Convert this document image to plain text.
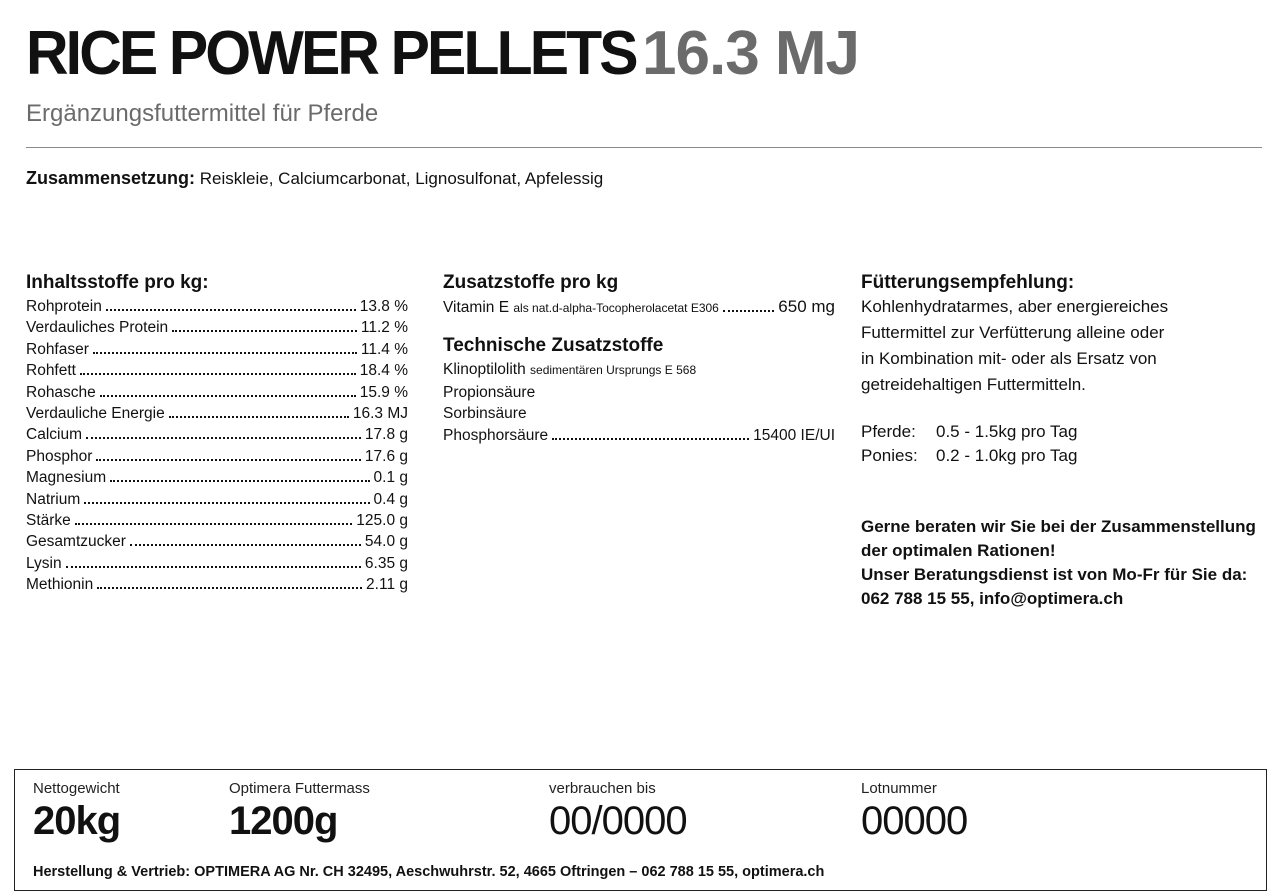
RICE POWER PELLETS 16.3 MJ
Ergänzungsfuttermittel für Pferde
Zusammensetzung: Reiskleie, Calciumcarbonat, Lignosulfonat, Apfelessig
Inhaltsstoffe pro kg:
Rohprotein	13.8 %
Verdauliches Protein	11.2 %
Rohfaser	11.4 %
Rohfett	18.4 %
Rohasche	15.9 %
Verdauliche Energie	16.3 MJ
Calcium	17.8 g
Phosphor	17.6 g
Magnesium	0.1 g
Natrium	0.4 g
Stärke	125.0 g
Gesamtzucker	54.0 g
Lysin	6.35 g
Methionin	2.11 g
Zusatzstoffe pro kg
Vitamin E als nat.d-alpha-Tocopherolacetat E306	650 mg
Technische Zusatzstoffe
Klinoptilolith sedimentären Ursprungs E 568
Propionsäure
Sorbinsäure
Phosphorsäure	15400 IE/UI
Fütterungsempfehlung:
Kohlenhydratarmes, aber energiereiches
Futtermittel zur Verfütterung alleine oder
in Kombination mit- oder als Ersatz von
getreidehaltigen Futtermitteln.
Pferde:	0.5 - 1.5kg pro Tag
Ponies:	0.2 - 1.0kg pro Tag
Gerne beraten wir Sie bei der Zusammenstellung
der optimalen Rationen!
Unser Beratungsdienst ist von Mo-Fr für Sie da:
062 788 15 55, info@optimera.ch
Nettogewicht
20kg
Optimera Futtermass
1200g
verbrauchen bis
00/0000
Lotnummer
00000
Herstellung & Vertrieb: OPTIMERA AG Nr. CH 32495, Aeschwuhrstr. 52, 4665 Oftringen – 062 788 15 55, optimera.ch
